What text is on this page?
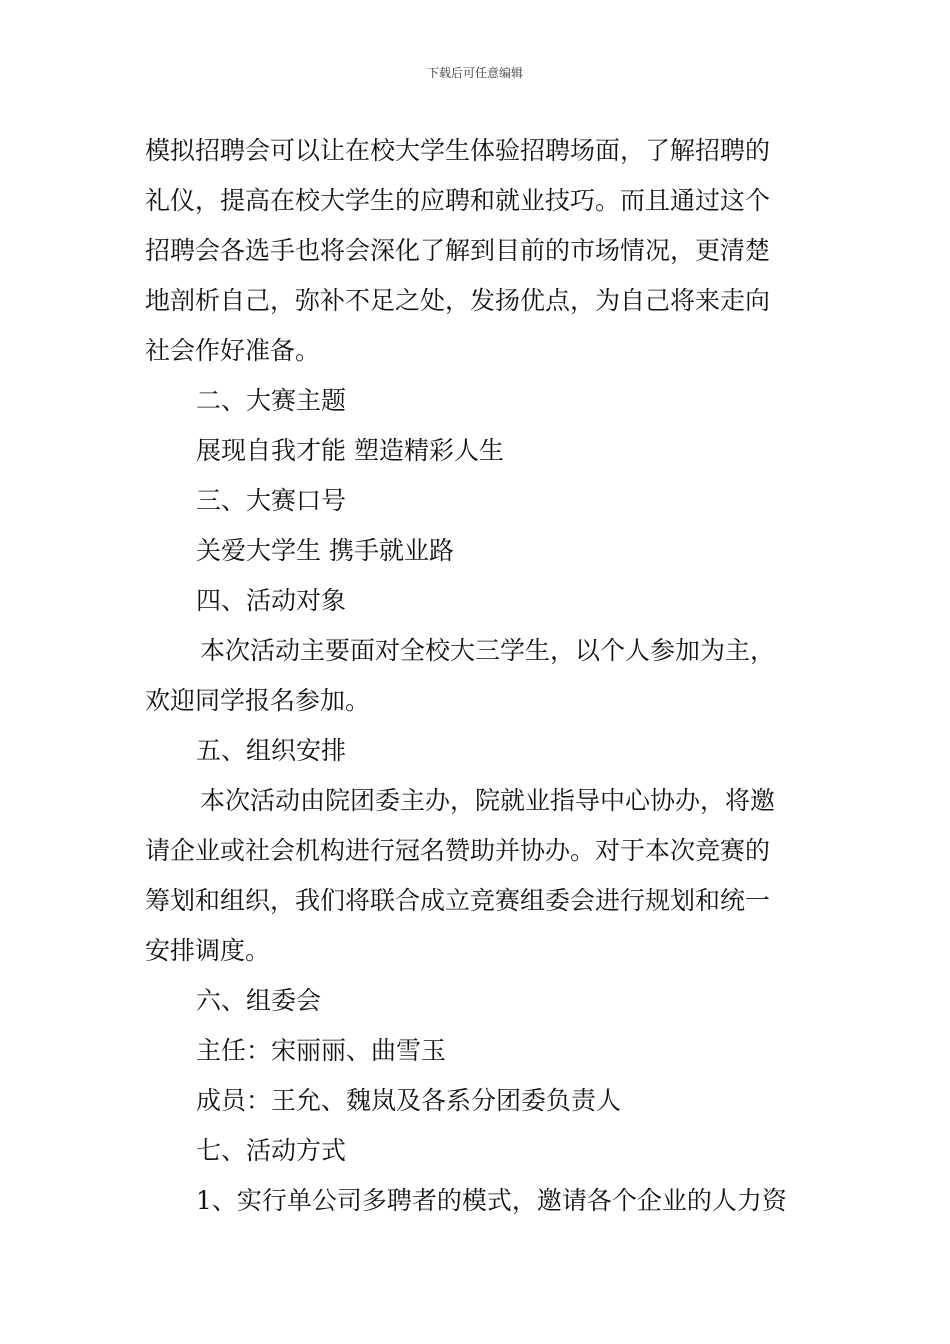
下载后可任意编辑
模拟招聘会可以让在校大学生体验招聘场面，了解招聘的
礼仪，提高在校大学生的应聘和就业技巧。而且通过这个
招聘会各选手也将会深化了解到目前的市场情况，更清楚
地剖析自己，弥补不足之处，发扬优点，为自己将来走向
社会作好准备。
二、大赛主题
展现自我才能 塑造精彩人生
三、大赛口号
关爱大学生 携手就业路
四、活动对象
本次活动主要面对全校大三学生，以个人参加为主，
欢迎同学报名参加。
五、组织安排
本次活动由院团委主办，院就业指导中心协办，将邀
请企业或社会机构进行冠名赞助并协办。对于本次竞赛的
筹划和组织，我们将联合成立竞赛组委会进行规划和统一
安排调度。
六、组委会
主任：宋丽丽、曲雪玉
成员：王允、魏岚及各系分团委负责人
七、活动方式
1、实行单公司多聘者的模式，邀请各个企业的人力资
